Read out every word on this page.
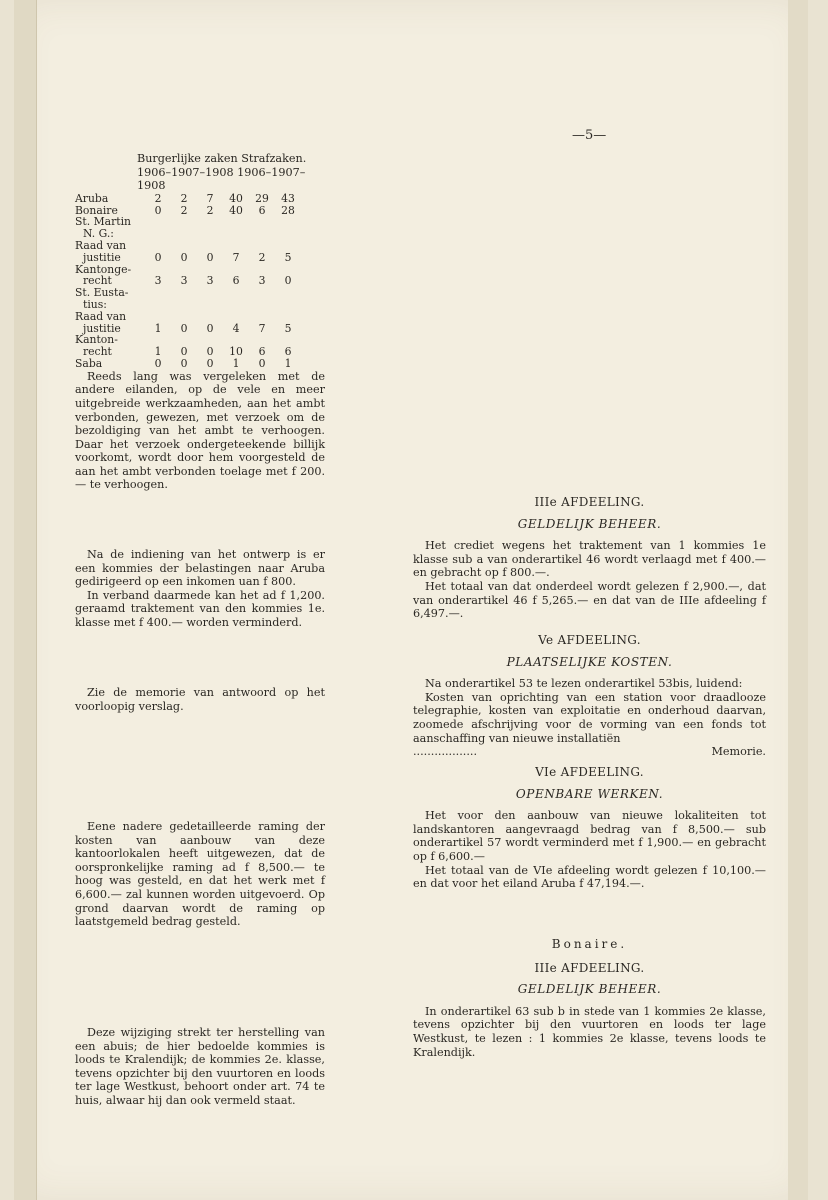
—5—
Burgerlijke zaken Strafzaken.
1906–1907–1908 1906–1907–1908
Aruba	2	2	7	40	29	43
Bonaire	0	2	2	40	6	28
St. Martin						
N. G.:						
Raad van						
justitie	0	0	0	7	2	5
Kantonge-						
recht	3	3	3	6	3	0
St. Eusta-						
tius:						
Raad van						
justitie	1	0	0	4	7	5
Kanton-						
recht	1	0	0	10	6	6
Saba	0	0	0	1	0	1

Reeds lang was vergeleken met de andere eilanden, op de vele en meer uitgebreide werkzaamheden, aan het ambt verbonden, gewezen, met verzoek om de bezoldiging van het ambt te verhoogen. Daar het verzoek ondergeteekende billijk voorkomt, wordt door hem voorgesteld de aan het ambt verbonden toelage met f 200.— te verhoogen.

Na de indiening van het ontwerp is er een kommies der belastingen naar Aruba gedirigeerd op een inkomen uan f 800.

In verband daarmede kan het ad f 1,200. geraamd traktement van den kommies 1e. klasse met f 400.— worden verminderd.

Zie de memorie van antwoord op het voorloopig verslag.

Eene nadere gedetailleerde raming der kosten van aanbouw van deze kantoorlokalen heeft uitgewezen, dat de oorspronkelijke raming ad f 8,500.— te hoog was gesteld, en dat het werk met f 6,600.— zal kunnen worden uitgevoerd. Op grond daarvan wordt de raming op laatstgemeld bedrag gesteld.

Deze wijziging strekt ter herstelling van een abuis; de hier bedoelde kommies is loods te Kralendijk; de kommies 2e. klasse, tevens opzichter bij den vuurtoren en loods ter lage Westkust, behoort onder art. 74 te huis, alwaar hij dan ook vermeld staat.

IIIe AFDEELING.
GELDELIJK BEHEER.

Het crediet wegens het traktement van 1 kommies 1e klasse sub a van onderartikel 46 wordt verlaagd met f 400.— en gebracht op f 800.—.

Het totaal van dat onderdeel wordt gelezen f 2,900.—, dat van onderartikel 46 f 5,265.— en dat van de IIIe afdeeling f 6,497.—.

Ve AFDEELING.
PLAATSELIJKE KOSTEN.

Na onderartikel 53 te lezen onderartikel 53bis, luidend:

Kosten van oprichting van een station voor draadlooze telegraphie, kosten van exploitatie en onderhoud daarvan, zoomede afschrijving voor de vorming van een fonds tot aanschaffing van nieuwe installatiën

..................	Memorie.
VIe AFDEELING.
OPENBARE WERKEN.

Het voor den aanbouw van nieuwe lokaliteiten tot landskantoren aangevraagd bedrag van f 8,500.— sub onderartikel 57 wordt verminderd met f 1,900.— en gebracht op f 6,600.—

Het totaal van de VIe afdeeling wordt gelezen f 10,100.— en dat voor het eiland Aruba f 47,194.—.

Bonaire.
IIIe AFDEELING.
GELDELIJK BEHEER.

In onderartikel 63 sub b in stede van 1 kommies 2e klasse, tevens opzichter bij den vuurtoren en loods ter lage Westkust, te lezen : 1 kommies 2e klasse, tevens loods te Kralendijk.
